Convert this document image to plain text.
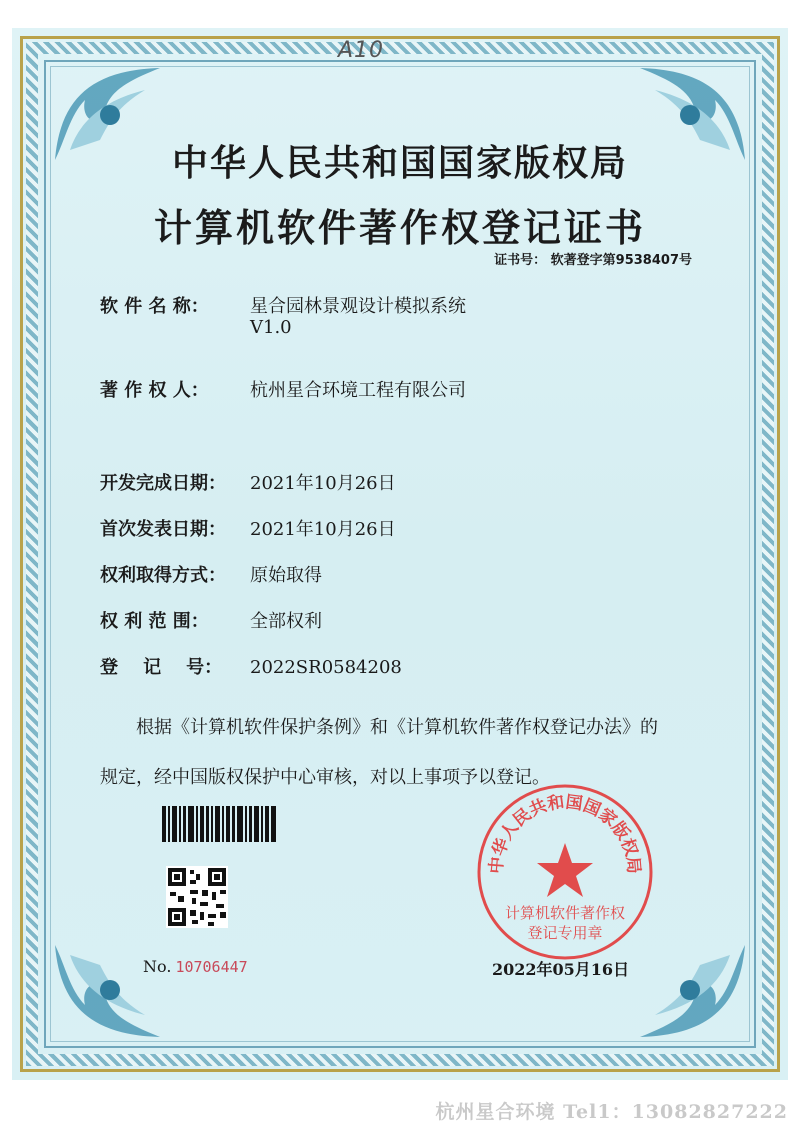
A10
中华人民共和国国家版权局
计算机软件著作权登记证书
证书号： 软著登字第9538407号
软 件 名 称： 星合园林景观设计模拟系统
V1.0
著 作 权 人： 杭州星合环境工程有限公司
开发完成日期： 2021年10月26日
首次发表日期： 2021年10月26日
权利取得方式： 原始取得
权 利 范 围： 全部权利
登    记    号： 2022SR0584208
根据《计算机软件保护条例》和《计算机软件著作权登记办法》的
规定，经中国版权保护中心审核，对以上事项予以登记。
No. 10706447
中华人民共和国国家版权局
计算机软件著作权
登记专用章
2022年05月16日
杭州星合环境 Tel1：13082827222
